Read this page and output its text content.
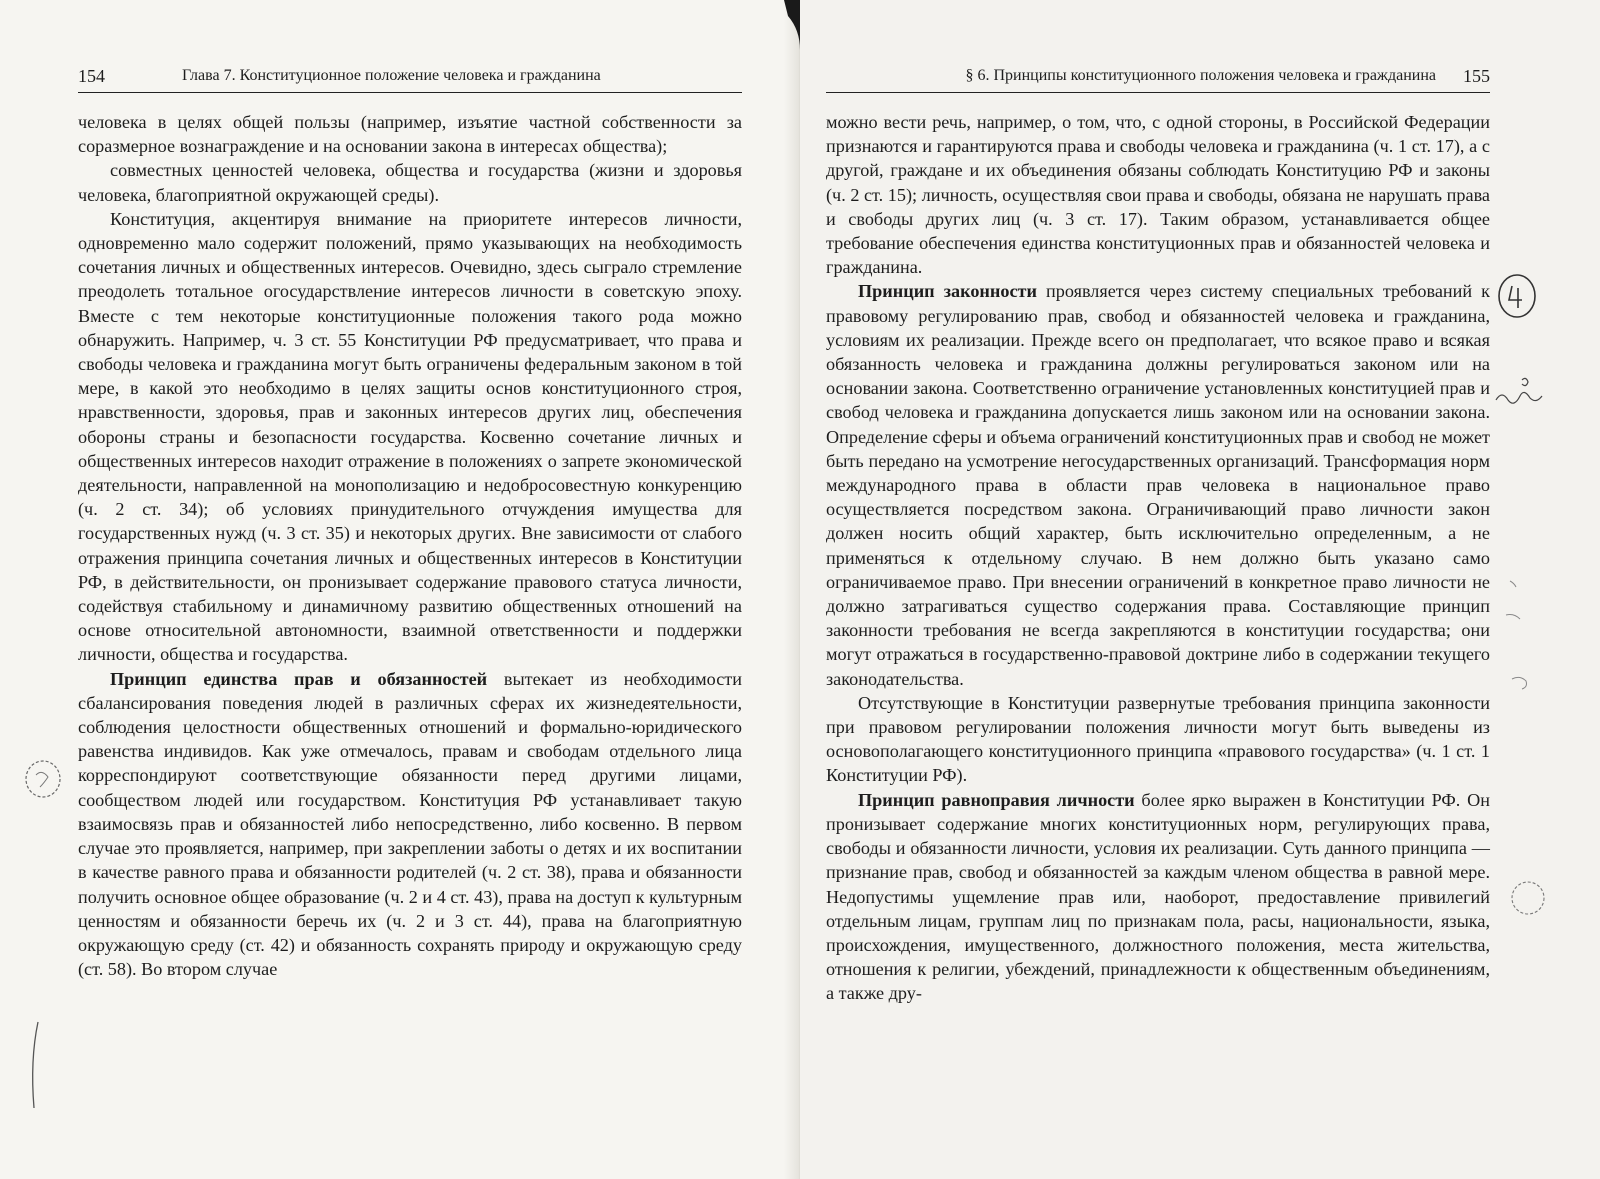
154	Глава 7. Конституционное положение человека и гражданина

человека в целях общей пользы (например, изъятие частной собственности за соразмерное вознаграждение и на основании закона в интересах общества);

совместных ценностей человека, общества и государства (жизни и здоровья человека, благоприятной окружающей среды).

Конституция, акцентируя внимание на приоритете интересов личности, одновременно мало содержит положений, прямо указывающих на необходимость сочетания личных и общественных интересов. Очевидно, здесь сыграло стремление преодолеть тотальное огосударствление интересов личности в советскую эпоху. Вместе с тем некоторые конституционные положения такого рода можно обнаружить. Например, ч. 3 ст. 55 Конституции РФ предусматривает, что права и свободы человека и гражданина могут быть ограничены федеральным законом в той мере, в какой это необходимо в целях защиты основ конституционного строя, нравственности, здоровья, прав и законных интересов других лиц, обеспечения обороны страны и безопасности государства. Косвенно сочетание личных и общественных интересов находит отражение в положениях о запрете экономической деятельности, направленной на монополизацию и недобросовестную конкуренцию (ч. 2 ст. 34); об условиях принудительного отчуждения имущества для государственных нужд (ч. 3 ст. 35) и некоторых других. Вне зависимости от слабого отражения принципа сочетания личных и общественных интересов в Конституции РФ, в действительности, он пронизывает содержание правового статуса личности, содействуя стабильному и динамичному развитию общественных отношений на основе относительной автономности, взаимной ответственности и поддержки личности, общества и государства.

Принцип единства прав и обязанностей вытекает из необходимости сбалансирования поведения людей в различных сферах их жизнедеятельности, соблюдения целостности общественных отношений и формально-юридического равенства индивидов. Как уже отмечалось, правам и свободам отдельного лица корреспондируют соответствующие обязанности перед другими лицами, сообществом людей или государством. Конституция РФ устанавливает такую взаимосвязь прав и обязанностей либо непосредственно, либо косвенно. В первом случае это проявляется, например, при закреплении заботы о детях и их воспитании в качестве равного права и обязанности родителей (ч. 2 ст. 38), права и обязанности получить основное общее образование (ч. 2 и 4 ст. 43), права на доступ к культурным ценностям и обязанности беречь их (ч. 2 и 3 ст. 44), права на благоприятную окружающую среду (ст. 42) и обязанность сохранять природу и окружающую среду (ст. 58). Во втором случае

§ 6. Принципы конституционного положения человека и гражданина 155

можно вести речь, например, о том, что, с одной стороны, в Российской Федерации признаются и гарантируются права и свободы человека и гражданина (ч. 1 ст. 17), а с другой, граждане и их объединения обязаны соблюдать Конституцию РФ и законы (ч. 2 ст. 15); личность, осуществляя свои права и свободы, обязана не нарушать права и свободы других лиц (ч. 3 ст. 17). Таким образом, устанавливается общее требование обеспечения единства конституционных прав и обязанностей человека и гражданина.

Принцип законности проявляется через систему специальных требований к правовому регулированию прав, свобод и обязанностей человека и гражданина, условиям их реализации. Прежде всего он предполагает, что всякое право и всякая обязанность человека и гражданина должны регулироваться законом или на основании закона. Соответственно ограничение установленных конституцией прав и свобод человека и гражданина допускается лишь законом или на основании закона. Определение сферы и объема ограничений конституционных прав и свобод не может быть передано на усмотрение негосударственных организаций. Трансформация норм международного права в области прав человека в национальное право осуществляется посредством закона. Ограничивающий право личности закон должен носить общий характер, быть исключительно определенным, а не применяться к отдельному случаю. В нем должно быть указано само ограничиваемое право. При внесении ограничений в конкретное право личности не должно затрагиваться существо содержания права. Составляющие принцип законности требования не всегда закрепляются в конституции государства; они могут отражаться в государственно-правовой доктрине либо в содержании текущего законодательства.

Отсутствующие в Конституции развернутые требования принципа законности при правовом регулировании положения личности могут быть выведены из основополагающего конституционного принципа «правового государства» (ч. 1 ст. 1 Конституции РФ).

Принцип равноправия личности более ярко выражен в Конституции РФ. Он пронизывает содержание многих конституционных норм, регулирующих права, свободы и обязанности личности, условия их реализации. Суть данного принципа — признание прав, свобод и обязанностей за каждым членом общества в равной мере. Недопустимы ущемление прав или, наоборот, предоставление привилегий отдельным лицам, группам лиц по признакам пола, расы, национальности, языка, происхождения, имущественного, должностного положения, места жительства, отношения к религии, убеждений, принадлежности к общественным объединениям, а также дру-
